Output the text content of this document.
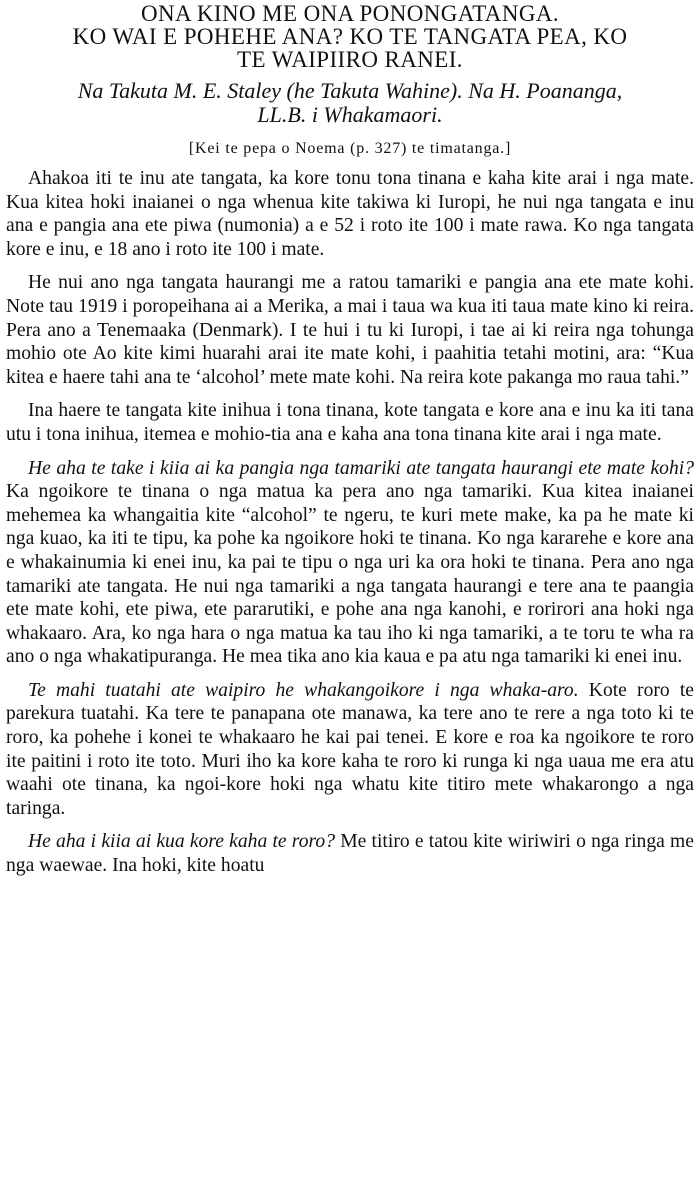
ONA KINO ME ONA PONONGATANGA.
KO WAI E POHEHE ANA? KO TE TANGATA PEA, KO
TE WAIPIIRO RANEI.

Na Takuta M. E. Staley (he Takuta Wahine). Na H. Poananga,
LL.B. i Whakamaori.

[Kei te pepa o Noema (p. 327) te timatanga.]

Ahakoa iti te inu ate tangata, ka kore tonu tona tinana e kaha kite arai i nga mate. Kua kitea hoki inaianei o nga whenua kite takiwa ki Iuropi, he nui nga tangata e inu ana e pangia ana ete piwa (numonia) a e 52 i roto ite 100 i mate rawa. Ko nga tangata kore e inu, e 18 ano i roto ite 100 i mate.

He nui ano nga tangata haurangi me a ratou tamariki e pangia ana ete mate kohi. Note tau 1919 i poropeihana ai a Merika, a mai i taua wa kua iti taua mate kino ki reira. Pera ano a Tenemaaka (Denmark). I te hui i tu ki Iuropi, i tae ai ki reira nga tohunga mohio ote Ao kite kimi huarahi arai ite mate kohi, i paahitia tetahi motini, ara: “Kua kitea e haere tahi ana te ‘alcohol’ mete mate kohi. Na reira kote pakanga mo raua tahi.”

Ina haere te tangata kite inihua i tona tinana, kote tangata e kore ana e inu ka iti tana utu i tona inihua, itemea e mohio-tia ana e kaha ana tona tinana kite arai i nga mate.

He aha te take i kiia ai ka pangia nga tamariki ate tangata haurangi ete mate kohi? Ka ngoikore te tinana o nga matua ka pera ano nga tamariki. Kua kitea inaianei mehemea ka whangaitia kite “alcohol” te ngeru, te kuri mete make, ka pa he mate ki nga kuao, ka iti te tipu, ka pohe ka ngoikore hoki te tinana. Ko nga kararehe e kore ana e whakainumia ki enei inu, ka pai te tipu o nga uri ka ora hoki te tinana. Pera ano nga tamariki ate tangata. He nui nga tamariki a nga tangata haurangi e tere ana te paangia ete mate kohi, ete piwa, ete pararutiki, e pohe ana nga kanohi, e rorirori ana hoki nga whakaaro. Ara, ko nga hara o nga matua ka tau iho ki nga tamariki, a te toru te wha ra ano o nga whakatipuranga. He mea tika ano kia kaua e pa atu nga tamariki ki enei inu.

Te mahi tuatahi ate waipiro he whakangoikore i nga whaka-aro. Kote roro te parekura tuatahi. Ka tere te panapana ote manawa, ka tere ano te rere a nga toto ki te roro, ka pohehe i konei te whakaaro he kai pai tenei. E kore e roa ka ngoikore te roro ite paitini i roto ite toto. Muri iho ka kore kaha te roro ki runga ki nga uaua me era atu waahi ote tinana, ka ngoi-kore hoki nga whatu kite titiro mete whakarongo a nga taringa.

He aha i kiia ai kua kore kaha te roro? Me titiro e tatou kite wiriwiri o nga ringa me nga waewae. Ina hoki, kite hoatu
